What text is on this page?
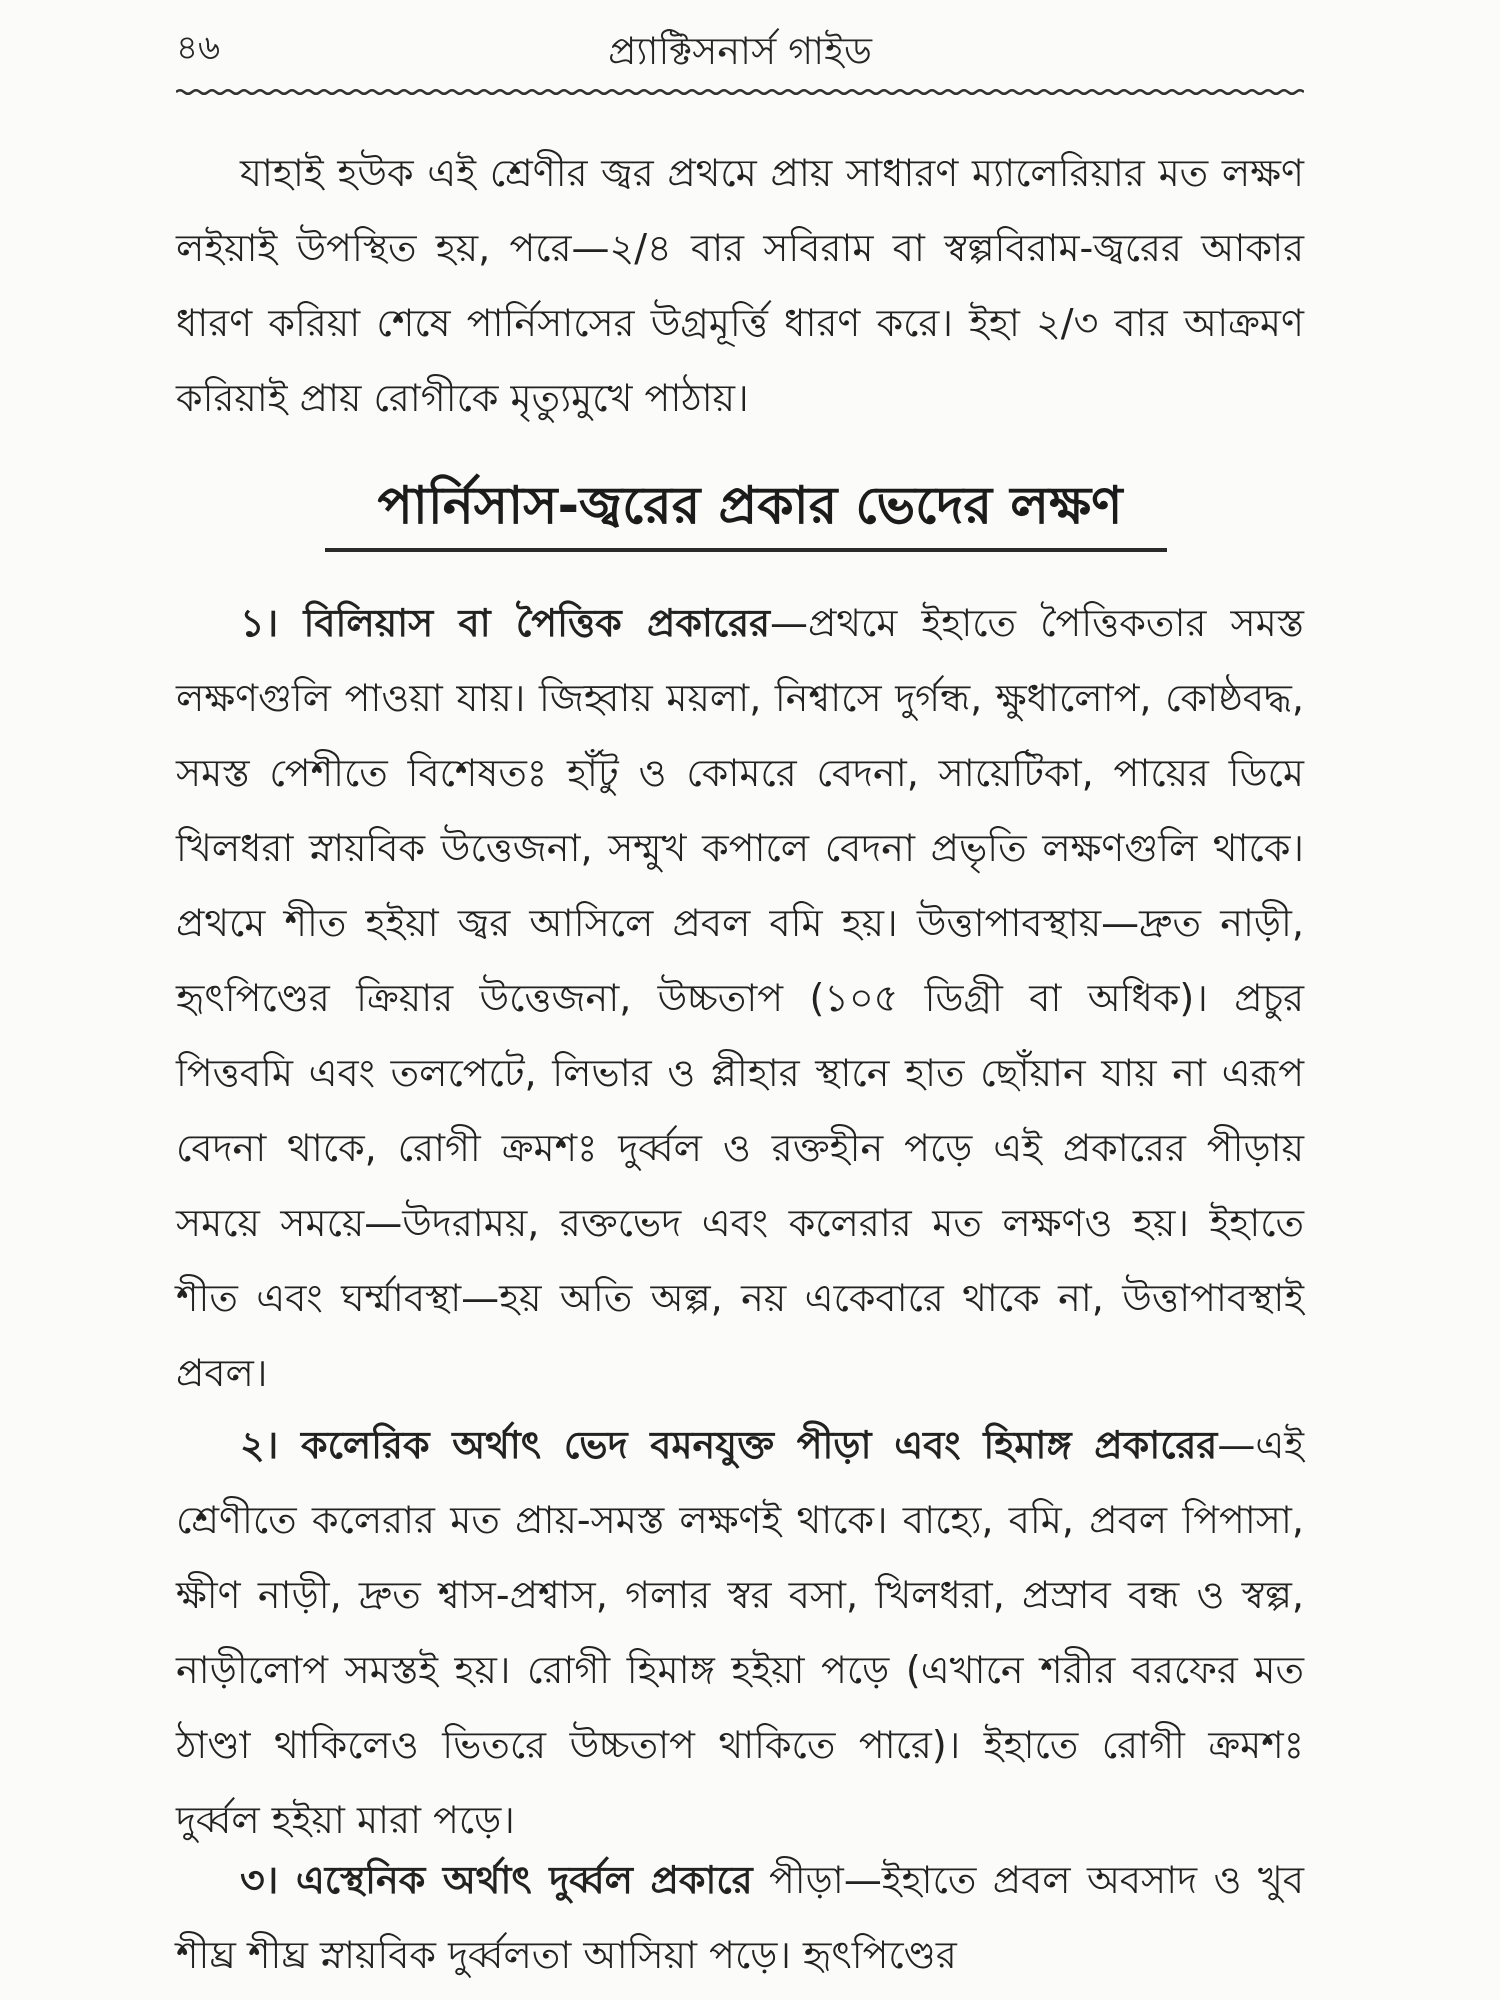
৪৬	প্র্যাক্টিসনার্স গাইড

যাহাই হউক এই শ্রেণীর জ্বর প্রথমে প্রায় সাধারণ ম্যালেরিয়ার মত লক্ষণ লইয়াই উপস্থিত হয়, পরে—২/৪ বার সবিরাম বা স্বল্পবিরাম-জ্বরের আকার ধারণ করিয়া শেষে পার্নিসাসের উগ্রমূর্ত্তি ধারণ করে। ইহা ২/৩ বার আক্রমণ করিয়াই প্রায় রোগীকে মৃত্যুমুখে পাঠায়।

পার্নিসাস-জ্বরের প্রকার ভেদের লক্ষণ

১। বিলিয়াস বা পৈত্তিক প্রকারের—প্রথমে ইহাতে পৈত্তিকতার সমস্ত লক্ষণগুলি পাওয়া যায়। জিহ্বায় ময়লা, নিশ্বাসে দুর্গন্ধ, ক্ষুধালোপ, কোষ্ঠবদ্ধ, সমস্ত পেশীতে বিশেষতঃ হাঁটু ও কোমরে বেদনা, সায়েটিকা, পায়ের ডিমে খিলধরা স্নায়বিক উত্তেজনা, সম্মুখ কপালে বেদনা প্রভৃতি লক্ষণগুলি থাকে। প্রথমে শীত হইয়া জ্বর আসিলে প্রবল বমি হয়। উত্তাপাবস্থায়—দ্রুত নাড়ী, হৃৎপিণ্ডের ক্রিয়ার উত্তেজনা, উচ্চতাপ (১০৫ ডিগ্রী বা অধিক)। প্রচুর পিত্তবমি এবং তলপেটে, লিভার ও প্লীহার স্থানে হাত ছোঁয়ান যায় না এরূপ বেদনা থাকে, রোগী ক্রমশঃ দুর্ব্বল ও রক্তহীন পড়ে এই প্রকারের পীড়ায় সময়ে সময়ে—উদরাময়, রক্তভেদ এবং কলেরার মত লক্ষণও হয়। ইহাতে শীত এবং ঘর্ম্মাবস্থা—হয় অতি অল্প, নয় একেবারে থাকে না, উত্তাপাবস্থাই প্রবল।

২। কলেরিক অর্থাৎ ভেদ বমনযুক্ত পীড়া এবং হিমাঙ্গ প্রকারের—এই শ্রেণীতে কলেরার মত প্রায়-সমস্ত লক্ষণই থাকে। বাহ্যে, বমি, প্রবল পিপাসা, ক্ষীণ নাড়ী, দ্রুত শ্বাস-প্রশ্বাস, গলার স্বর বসা, খিলধরা, প্রস্রাব বন্ধ ও স্বল্প, নাড়ীলোপ সমস্তই হয়। রোগী হিমাঙ্গ হইয়া পড়ে (এখানে শরীর বরফের মত ঠাণ্ডা থাকিলেও ভিতরে উচ্চতাপ থাকিতে পারে)। ইহাতে রোগী ক্রমশঃ দুর্ব্বল হইয়া মারা পড়ে।

৩। এস্থেনিক অর্থাৎ দুর্ব্বল প্রকারে পীড়া—ইহাতে প্রবল অবসাদ ও খুব শীঘ্র শীঘ্র স্নায়বিক দুর্ব্বলতা আসিয়া পড়ে। হৃৎপিণ্ডের
